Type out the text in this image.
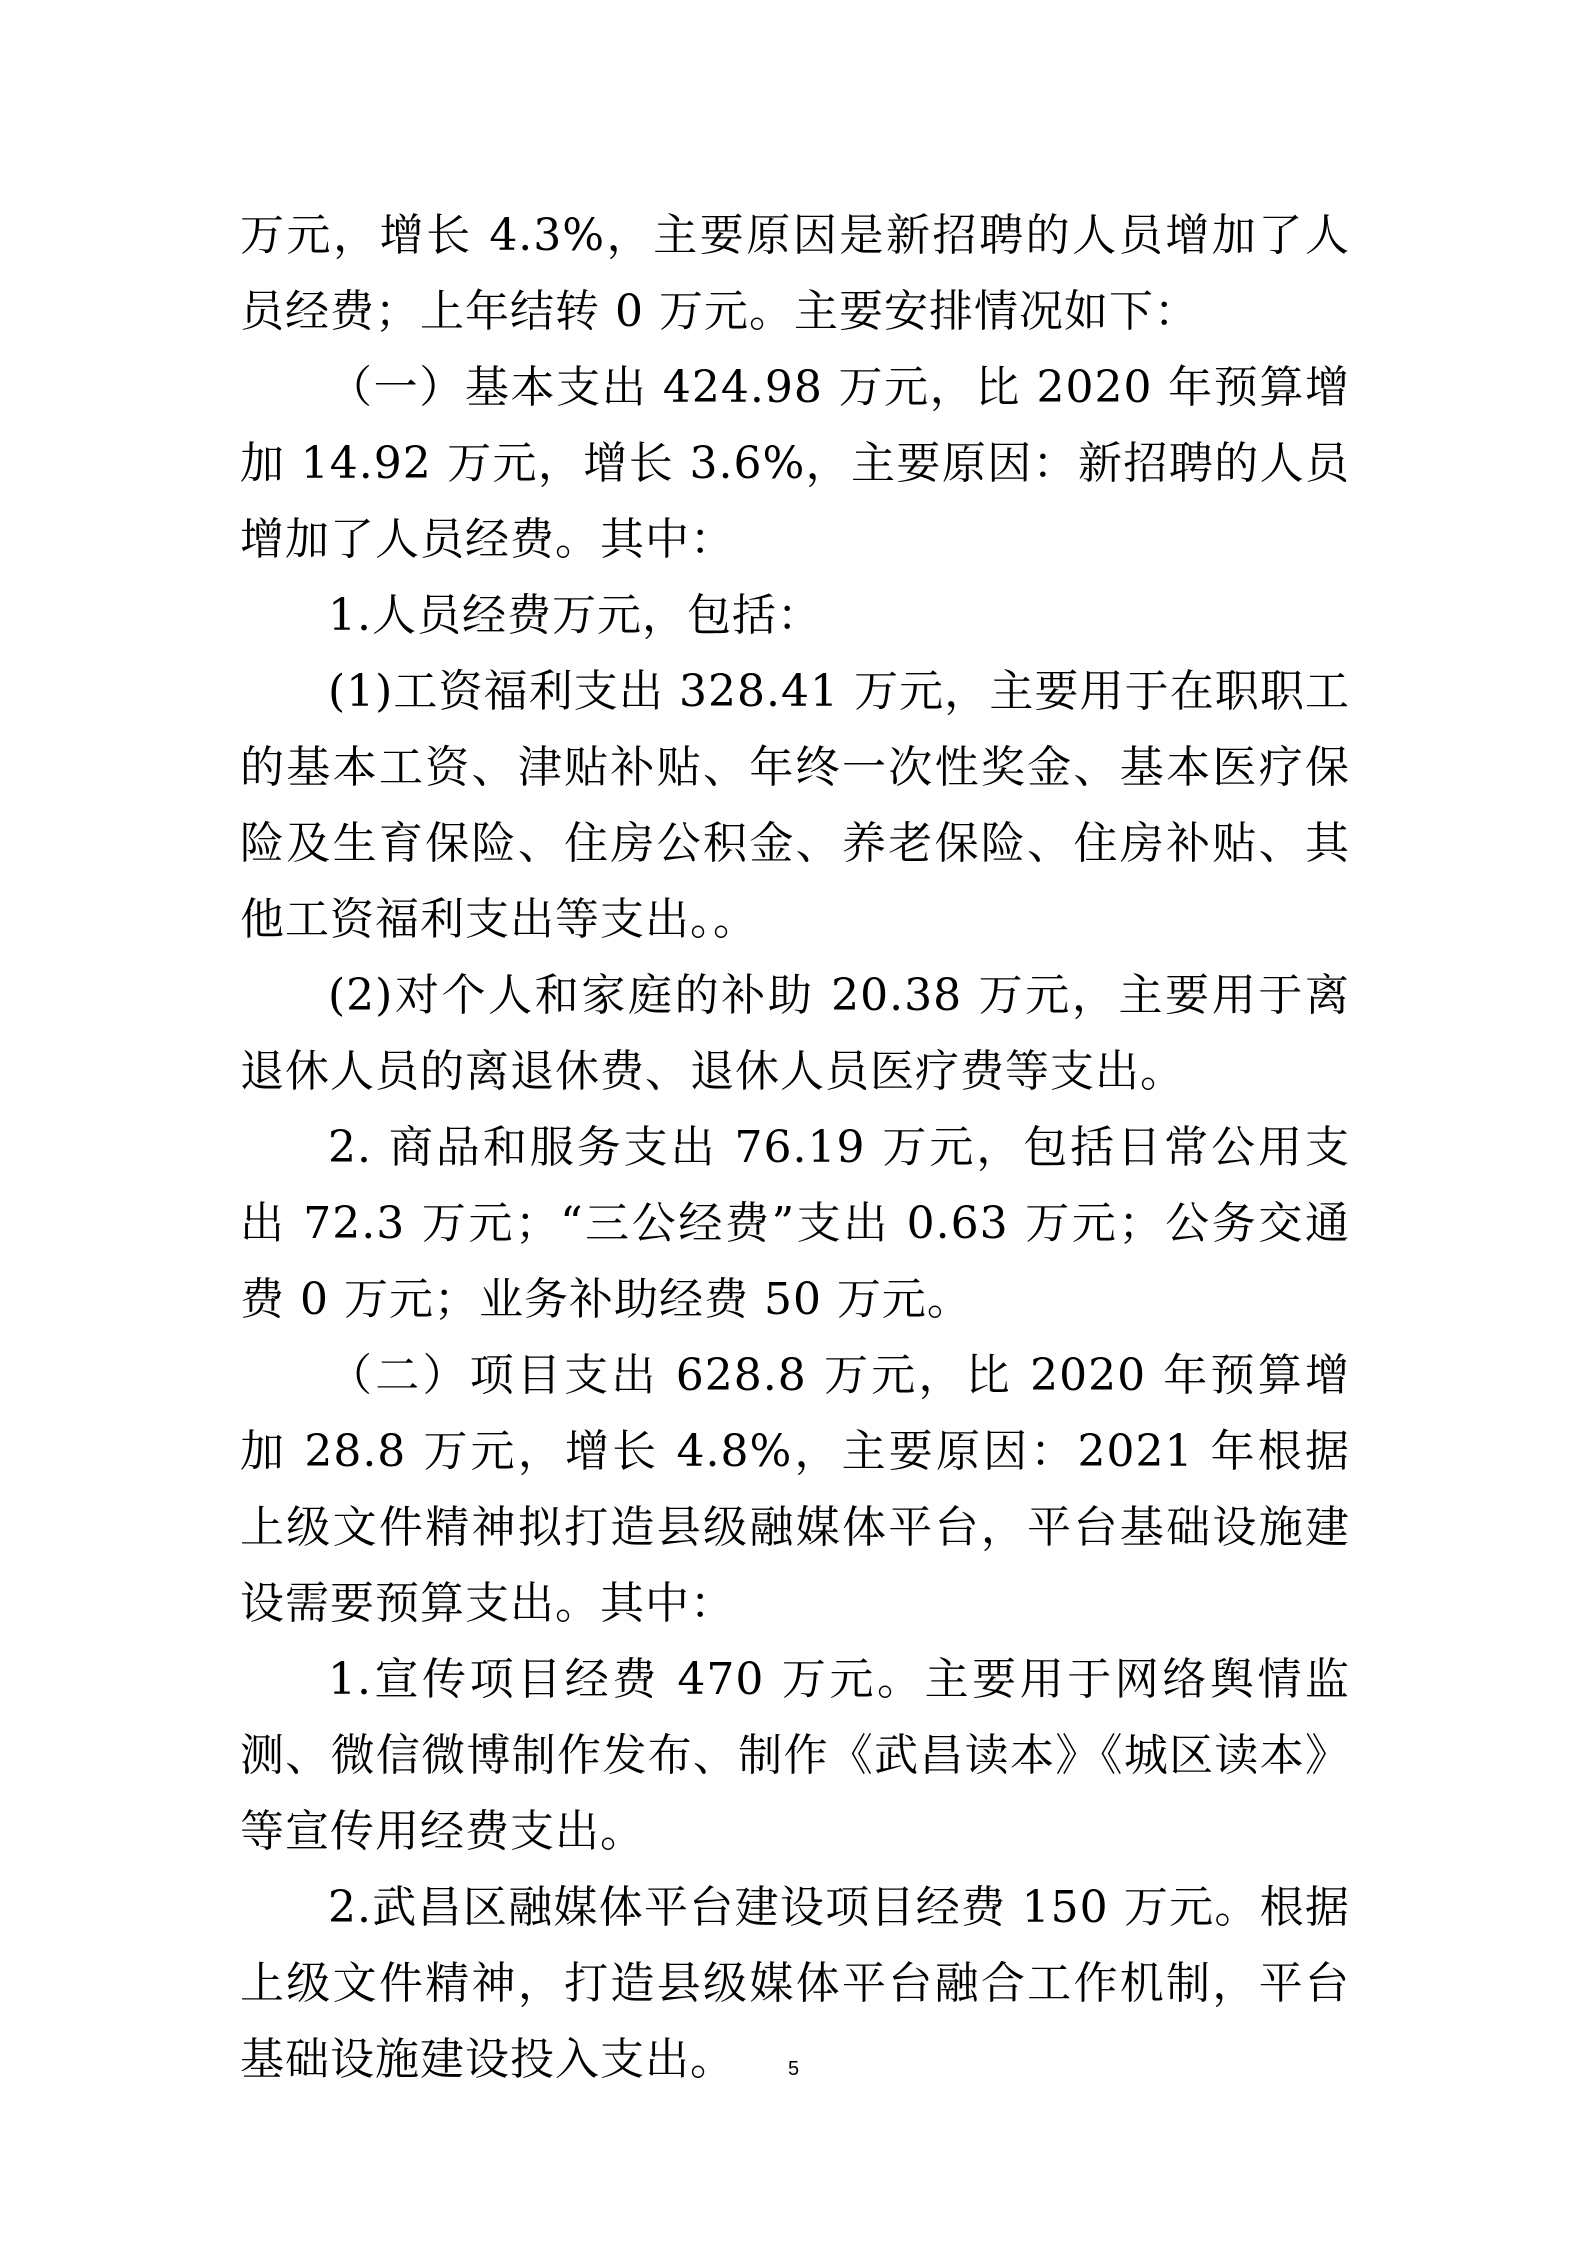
万元，增长 4.3%，主要原因是新招聘的人员增加了人员经费；上年结转 0 万元。主要安排情况如下：

（一）基本支出 424.98 万元，比 2020 年预算增加 14.92 万元，增长 3.6%，主要原因：新招聘的人员增加了人员经费。其中：

1.人员经费万元，包括：

(1)工资福利支出 328.41 万元，主要用于在职职工的基本工资、津贴补贴、年终一次性奖金、基本医疗保险及生育保险、住房公积金、养老保险、住房补贴、其他工资福利支出等支出。。

(2)对个人和家庭的补助 20.38 万元，主要用于离退休人员的离退休费、退休人员医疗费等支出。

2. 商品和服务支出 76.19 万元，包括日常公用支出 72.3 万元；“三公经费”支出 0.63 万元；公务交通费 0 万元；业务补助经费 50 万元。

（二）项目支出 628.8 万元，比 2020 年预算增加 28.8 万元，增长 4.8%，主要原因：2021 年根据上级文件精神拟打造县级融媒体平台，平台基础设施建设需要预算支出。其中：

1.宣传项目经费 470 万元。主要用于网络舆情监测、微信微博制作发布、制作《武昌读本》《城区读本》等宣传用经费支出。

2.武昌区融媒体平台建设项目经费 150 万元。根据上级文件精神，打造县级媒体平台融合工作机制，平台基础设施建设投入支出。	5
